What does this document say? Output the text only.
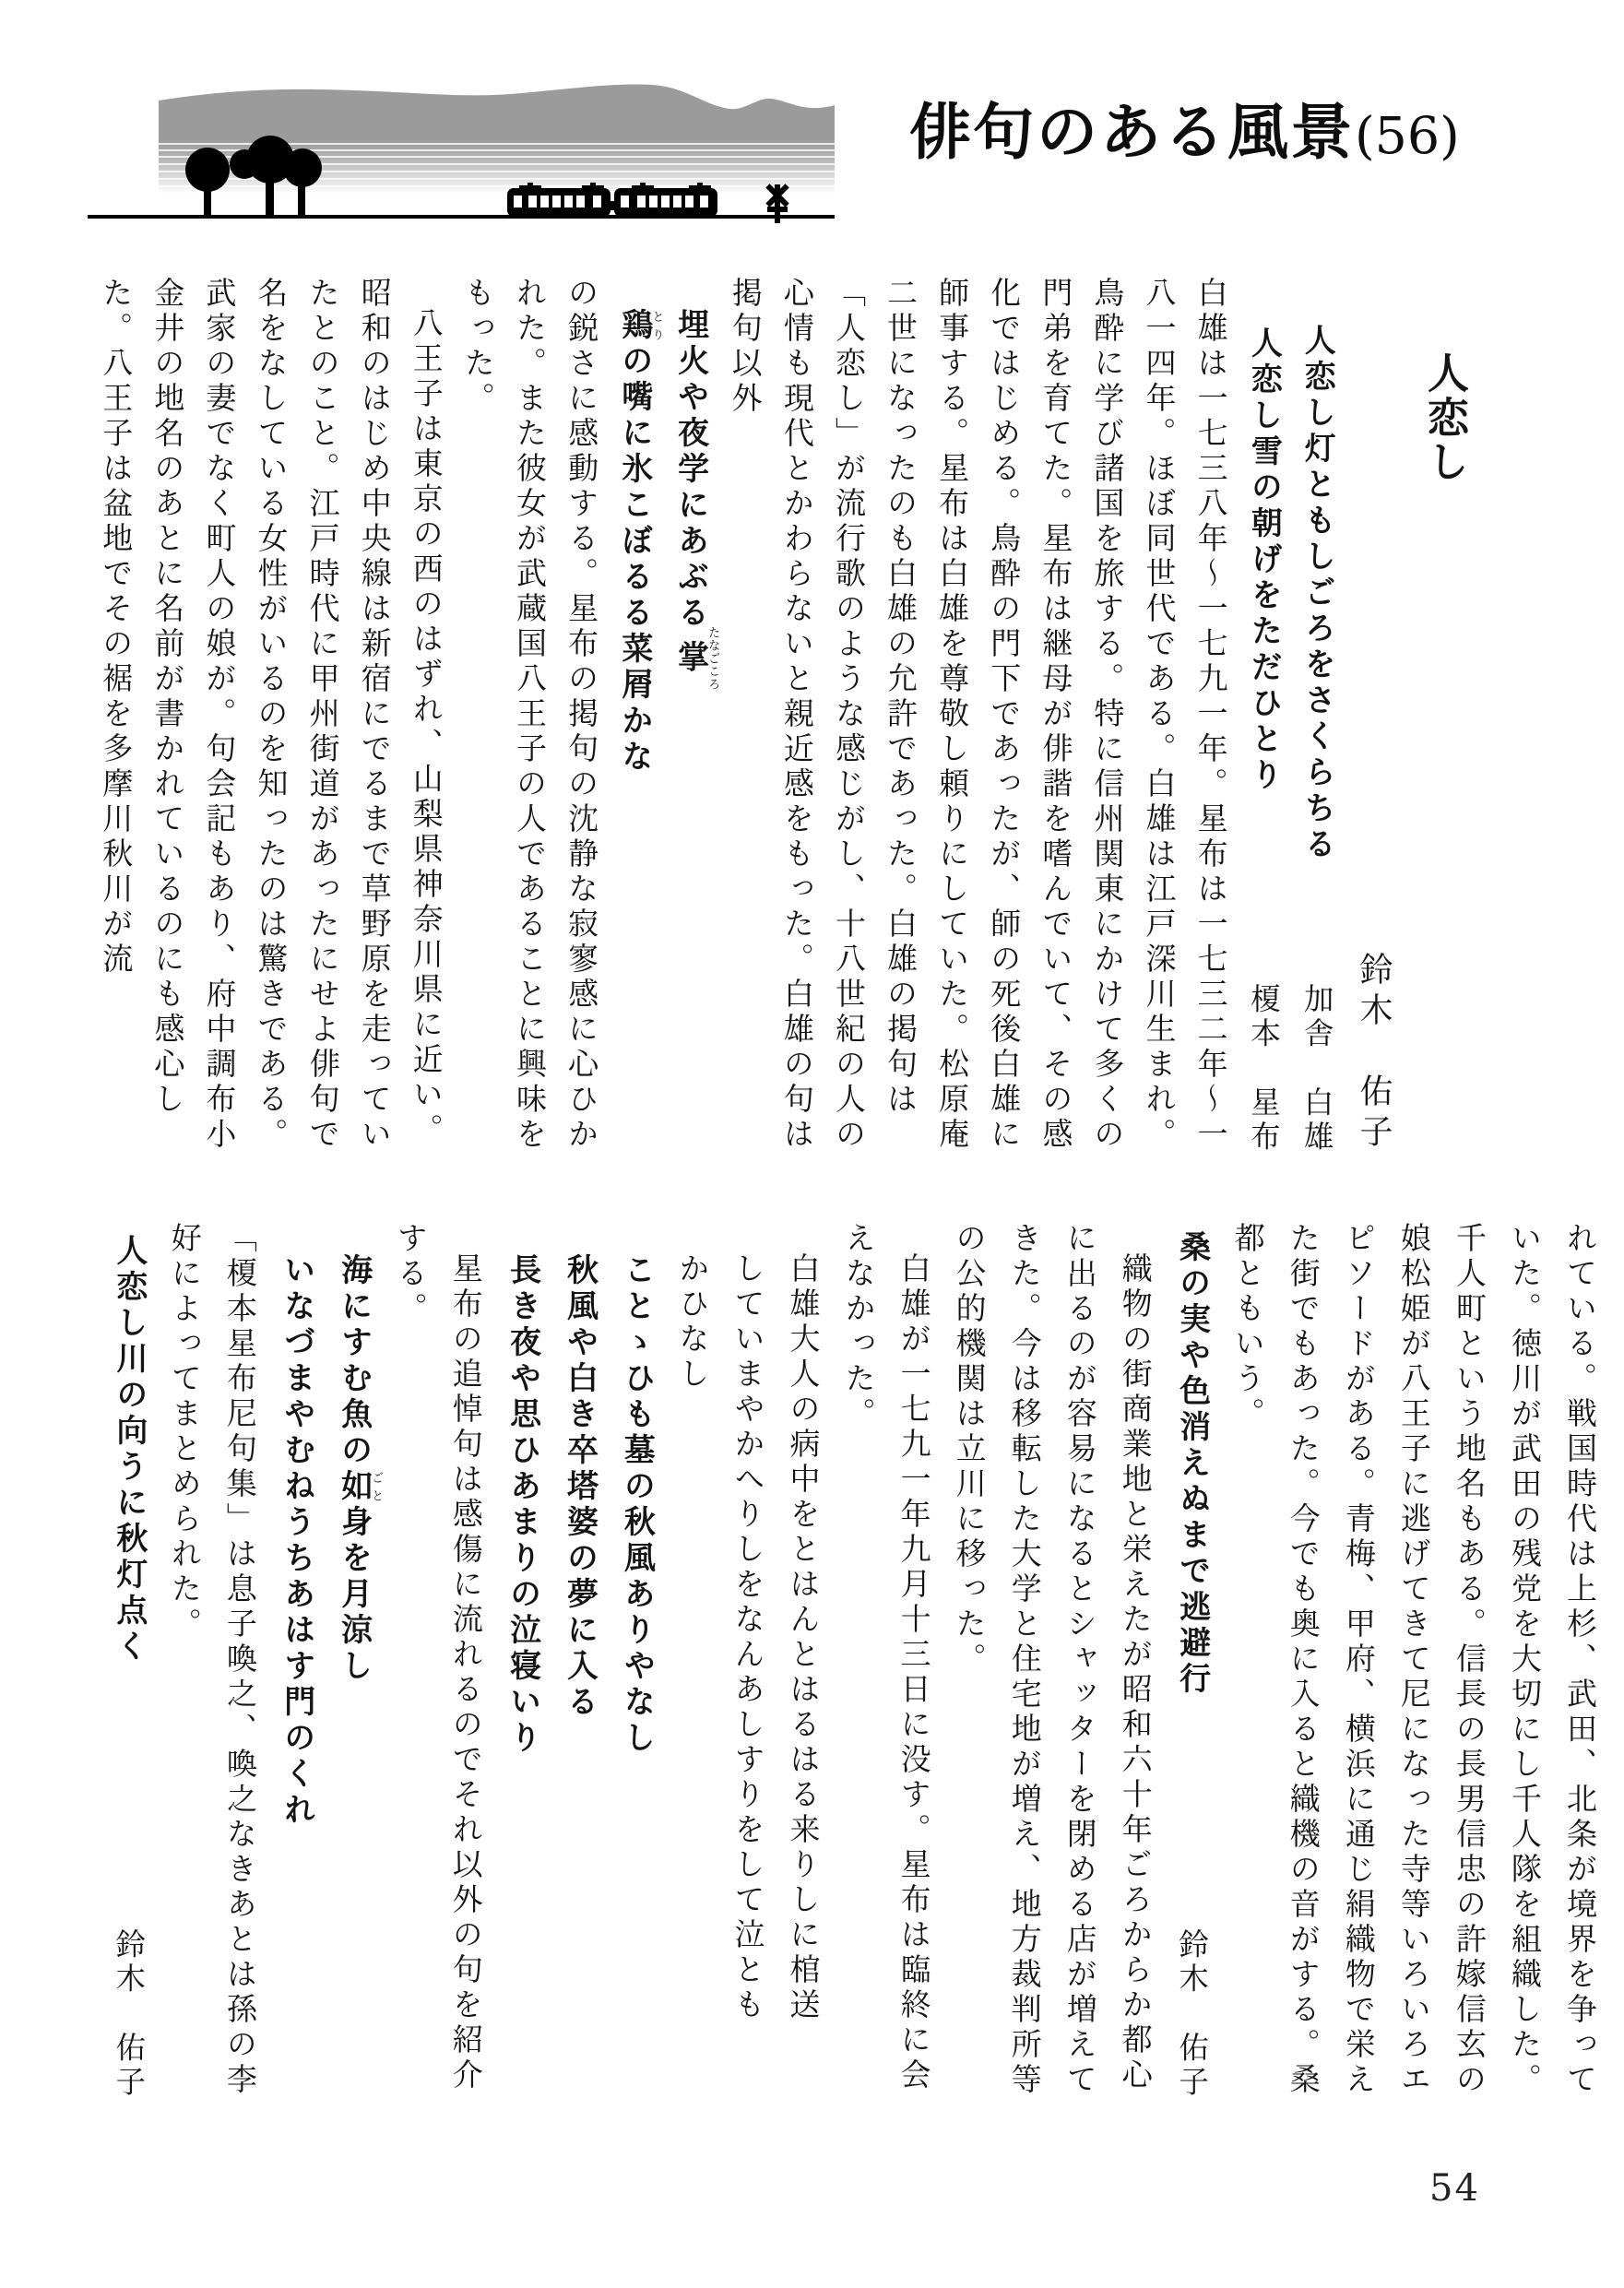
俳句のある風景(56)
人恋し

鈴木　佑子

人恋し灯ともしごろをさくらちる加舎　白雄

人恋し雪の朝げをただひとり榎本　星布

白雄は一七三八年〜一七九一年。星布は一七三二年〜一八一四年。ほぼ同世代である。白雄は江戸深川生まれ。鳥酔に学び諸国を旅する。特に信州関東にかけて多くの門弟を育てた。星布は継母が俳諧を嗜んでいて、その感化ではじめる。鳥酔の門下であったが、師の死後白雄に師事する。星布は白雄を尊敬し頼りにしていた。松原庵二世になったのも白雄の允許であった。白雄の掲句は「人恋し」が流行歌のような感じがし、十八世紀の人の心情も現代とかわらないと親近感をもった。白雄の句は掲句以外

埋火や夜学にあぶる掌たなごころ

鶏とりの嘴に氷こぼるる菜屑かな

の鋭さに感動する。星布の掲句の沈静な寂寥感に心ひかれた。また彼女が武蔵国八王子の人であることに興味をもった。

八王子は東京の西のはずれ、山梨県神奈川県に近い。昭和のはじめ中央線は新宿にでるまで草野原を走っていたとのこと。江戸時代に甲州街道があったにせよ俳句で名をなしている女性がいるのを知ったのは驚きである。武家の妻でなく町人の娘が。句会記もあり、府中調布小金井の地名のあとに名前が書かれているのにも感心した。八王子は盆地でその裾を多摩川秋川が流

れている。戦国時代は上杉、武田、北条が境界を争っていた。徳川が武田の残党を大切にし千人隊を組織した。千人町という地名もある。信長の長男信忠の許嫁信玄の娘松姫が八王子に逃げてきて尼になった寺等いろいろエピソードがある。青梅、甲府、横浜に通じ絹織物で栄えた街でもあった。今でも奥に入ると織機の音がする。桑都ともいう。

桑の実や色消えぬまで逃避行鈴木　佑子

織物の街商業地と栄えたが昭和六十年ごろからか都心に出るのが容易になるとシャッターを閉める店が増えてきた。今は移転した大学と住宅地が増え、地方裁判所等の公的機関は立川に移った。

白雄が一七九一年九月十三日に没す。星布は臨終に会えなかった。

白雄大人の病中をとはんとはるはる来りしに棺送

していまやかへりしをなんあしすりをして泣とも

かひなし

ことゝひも墓の秋風ありやなし

秋風や白き卒塔婆の夢に入る

長き夜や思ひあまりの泣寝いり

星布の追悼句は感傷に流れるのでそれ以外の句を紹介する。

海にすむ魚の如ごと身を月涼し

いなづまやむねうちあはす門のくれ

「榎本星布尼句集」は息子喚之、喚之なきあとは孫の李好によってまとめられた。

人恋し川の向うに秋灯点く鈴木　佑子

54
